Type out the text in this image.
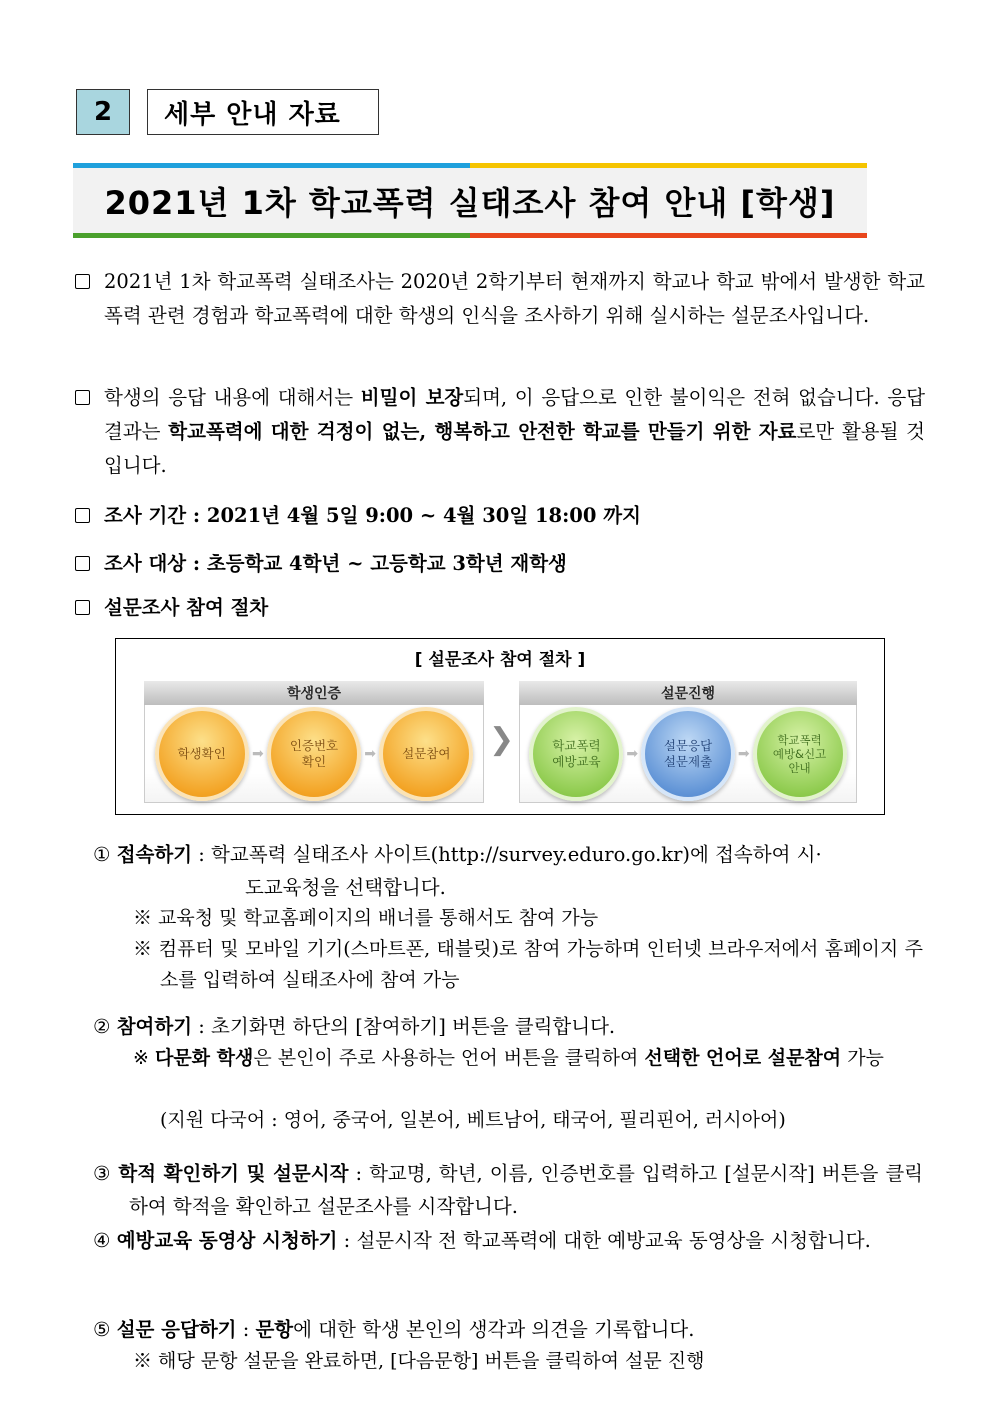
2	세부 안내 자료
2021년 1차 학교폭력 실태조사 참여 안내 [학생]
2021년 1차 학교폭력 실태조사는 2020년 2학기부터 현재까지 학교나 학교 밖에서 발생한 학교폭력 관련 경험과 학교폭력에 대한 학생의 인식을 조사하기 위해 실시하는 설문조사입니다.
학생의 응답 내용에 대해서는 비밀이 보장되며, 이 응답으로 인한 불이익은 전혀 없습니다. 응답 결과는 학교폭력에 대한 걱정이 없는, 행복하고 안전한 학교를 만들기 위한 자료로만 활용될 것입니다.
조사 기간 : 2021년 4월 5일 9:00 ~ 4월 30일 18:00 까지
조사 대상 : 초등학교 4학년 ~ 고등학교 3학년 재학생
설문조사 참여 절차
[ 설문조사 참여 절차 ]
학생인증
학생확인 ➡
인증번호
확인	➡ 설문참여 ❯
설문진행
학교폭력
예방교육 ➡
설문응답
설문제출 ➡
학교폭력
예방&신고
안내
① 접속하기 : 학교폭력 실태조사 사이트(http://survey.eduro.go.kr)에 접속하여 시·
도교육청을 선택합니다.
※ 교육청 및 학교홈페이지의 배너를 통해서도 참여 가능
※ 컴퓨터 및 모바일 기기(스마트폰, 태블릿)로 참여 가능하며 인터넷 브라우저에서 홈페이지 주소를 입력하여 실태조사에 참여 가능
② 참여하기 : 초기화면 하단의 [참여하기] 버튼을 클릭합니다.
※ 다문화 학생은 본인이 주로 사용하는 언어 버튼을 클릭하여 선택한 언어로 설문참여 가능
(지원 다국어 : 영어, 중국어, 일본어, 베트남어, 태국어, 필리핀어, 러시아어)
③ 학적 확인하기 및 설문시작 : 학교명, 학년, 이름, 인증번호를 입력하고 [설문시작] 버튼을 클릭하여 학적을 확인하고 설문조사를 시작합니다.
④ 예방교육 동영상 시청하기 : 설문시작 전 학교폭력에 대한 예방교육 동영상을 시청합니다.
⑤ 설문 응답하기 : 문항에 대한 학생 본인의 생각과 의견을 기록합니다.
※ 해당 문항 설문을 완료하면, [다음문항] 버튼을 클릭하여 설문 진행
